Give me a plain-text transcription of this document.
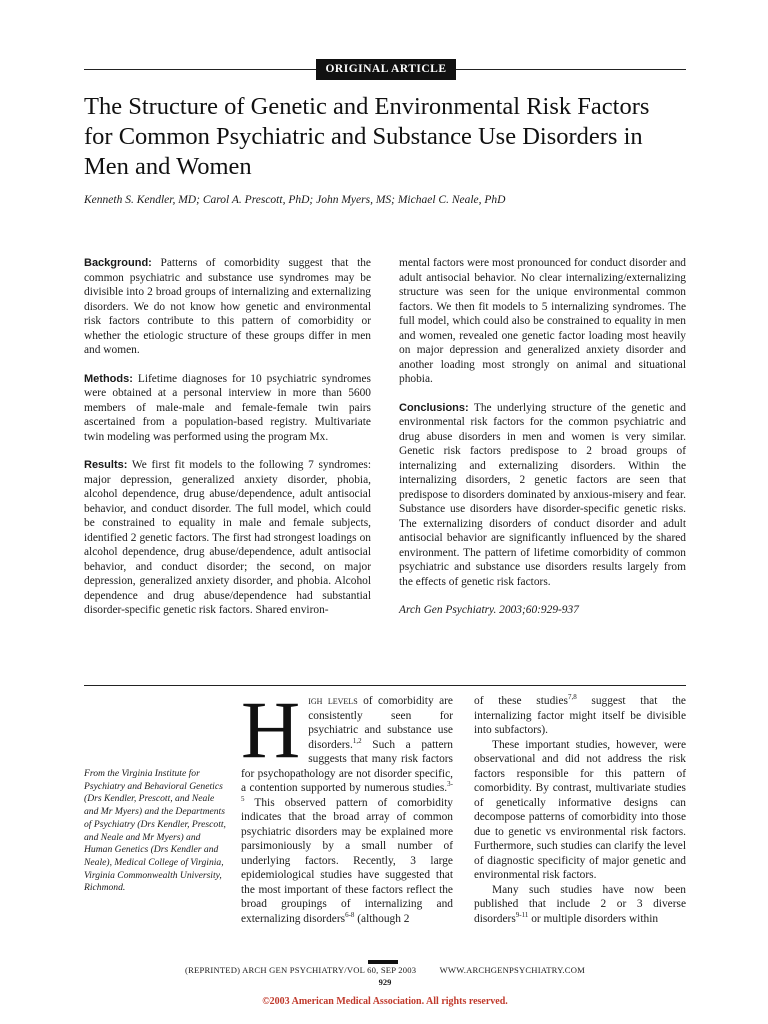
ORIGINAL ARTICLE
The Structure of Genetic and Environmental Risk Factors for Common Psychiatric and Substance Use Disorders in Men and Women
Kenneth S. Kendler, MD; Carol A. Prescott, PhD; John Myers, MS; Michael C. Neale, PhD

Background: Patterns of comorbidity suggest that the common psychiatric and substance use syndromes may be divisible into 2 broad groups of internalizing and externalizing disorders. We do not know how genetic and environmental risk factors contribute to this pattern of comorbidity or whether the etiologic structure of these groups differ in men and women.

Methods: Lifetime diagnoses for 10 psychiatric syndromes were obtained at a personal interview in more than 5600 members of male-male and female-female twin pairs ascertained from a population-based registry. Multivariate twin modeling was performed using the program Mx.

Results: We first fit models to the following 7 syndromes: major depression, generalized anxiety disorder, phobia, alcohol dependence, drug abuse/dependence, adult antisocial behavior, and conduct disorder. The full model, which could be constrained to equality in male and female subjects, identified 2 genetic factors. The first had strongest loadings on alcohol dependence, drug abuse/dependence, adult antisocial behavior, and conduct disorder; the second, on major depression, generalized anxiety disorder, and phobia. Alcohol dependence and drug abuse/dependence had substantial disorder-specific genetic risk factors. Shared environ-

mental factors were most pronounced for conduct disorder and adult antisocial behavior. No clear internalizing/externalizing structure was seen for the unique environmental common factors. We then fit models to 5 internalizing syndromes. The full model, which could also be constrained to equality in men and women, revealed one genetic factor loading most heavily on major depression and generalized anxiety disorder and another loading most strongly on animal and situational phobia.

Conclusions: The underlying structure of the genetic and environmental risk factors for the common psychiatric and drug abuse disorders in men and women is very similar. Genetic risk factors predispose to 2 broad groups of internalizing and externalizing disorders. Within the internalizing disorders, 2 genetic factors are seen that predispose to disorders dominated by anxious-misery and fear. Substance use disorders have disorder-specific genetic risks. The externalizing disorders of conduct disorder and adult antisocial behavior are significantly influenced by the shared environment. The pattern of lifetime comorbidity of common psychiatric and substance use disorders results largely from the effects of genetic risk factors.

Arch Gen Psychiatry. 2003;60:929-937

From the Virginia Institute for Psychiatry and Behavioral Genetics (Drs Kendler, Prescott, and Neale and Mr Myers) and the Departments of Psychiatry (Drs Kendler, Prescott, and Neale and Mr Myers) and Human Genetics (Drs Kendler and Neale), Medical College of Virginia, Virginia Commonwealth University, Richmond.

High levels of comorbidity are consistently seen for psychiatric and substance use disorders.$^{1,2}$ Such a pattern suggests that many risk factors for psychopathology are not disorder specific, a contention supported by numerous studies.$^{3-5}$ This observed pattern of comorbidity indicates that the broad array of common psychiatric disorders may be explained more parsimoniously by a small number of underlying factors. Recently, 3 large epidemiological studies have suggested that the most important of these factors reflect the broad groupings of internalizing and externalizing disorders$^{6-8}$ (although 2

of these studies$^{7,8}$ suggest that the internalizing factor might itself be divisible into subfactors).

These important studies, however, were observational and did not address the risk factors responsible for this pattern of comorbidity. By contrast, multivariate studies of genetically informative designs can decompose patterns of comorbidity into those due to genetic vs environmental risk factors. Furthermore, such studies can clarify the level of diagnostic specificity of major genetic and environmental risk factors.

Many such studies have now been published that include 2 or 3 diverse disorders$^{9-11}$ or multiple disorders within

(REPRINTED) ARCH GEN PSYCHIATRY/VOL 60, SEP 2003          WWW.ARCHGENPSYCHIATRY.COM
929
©2003 American Medical Association. All rights reserved.
